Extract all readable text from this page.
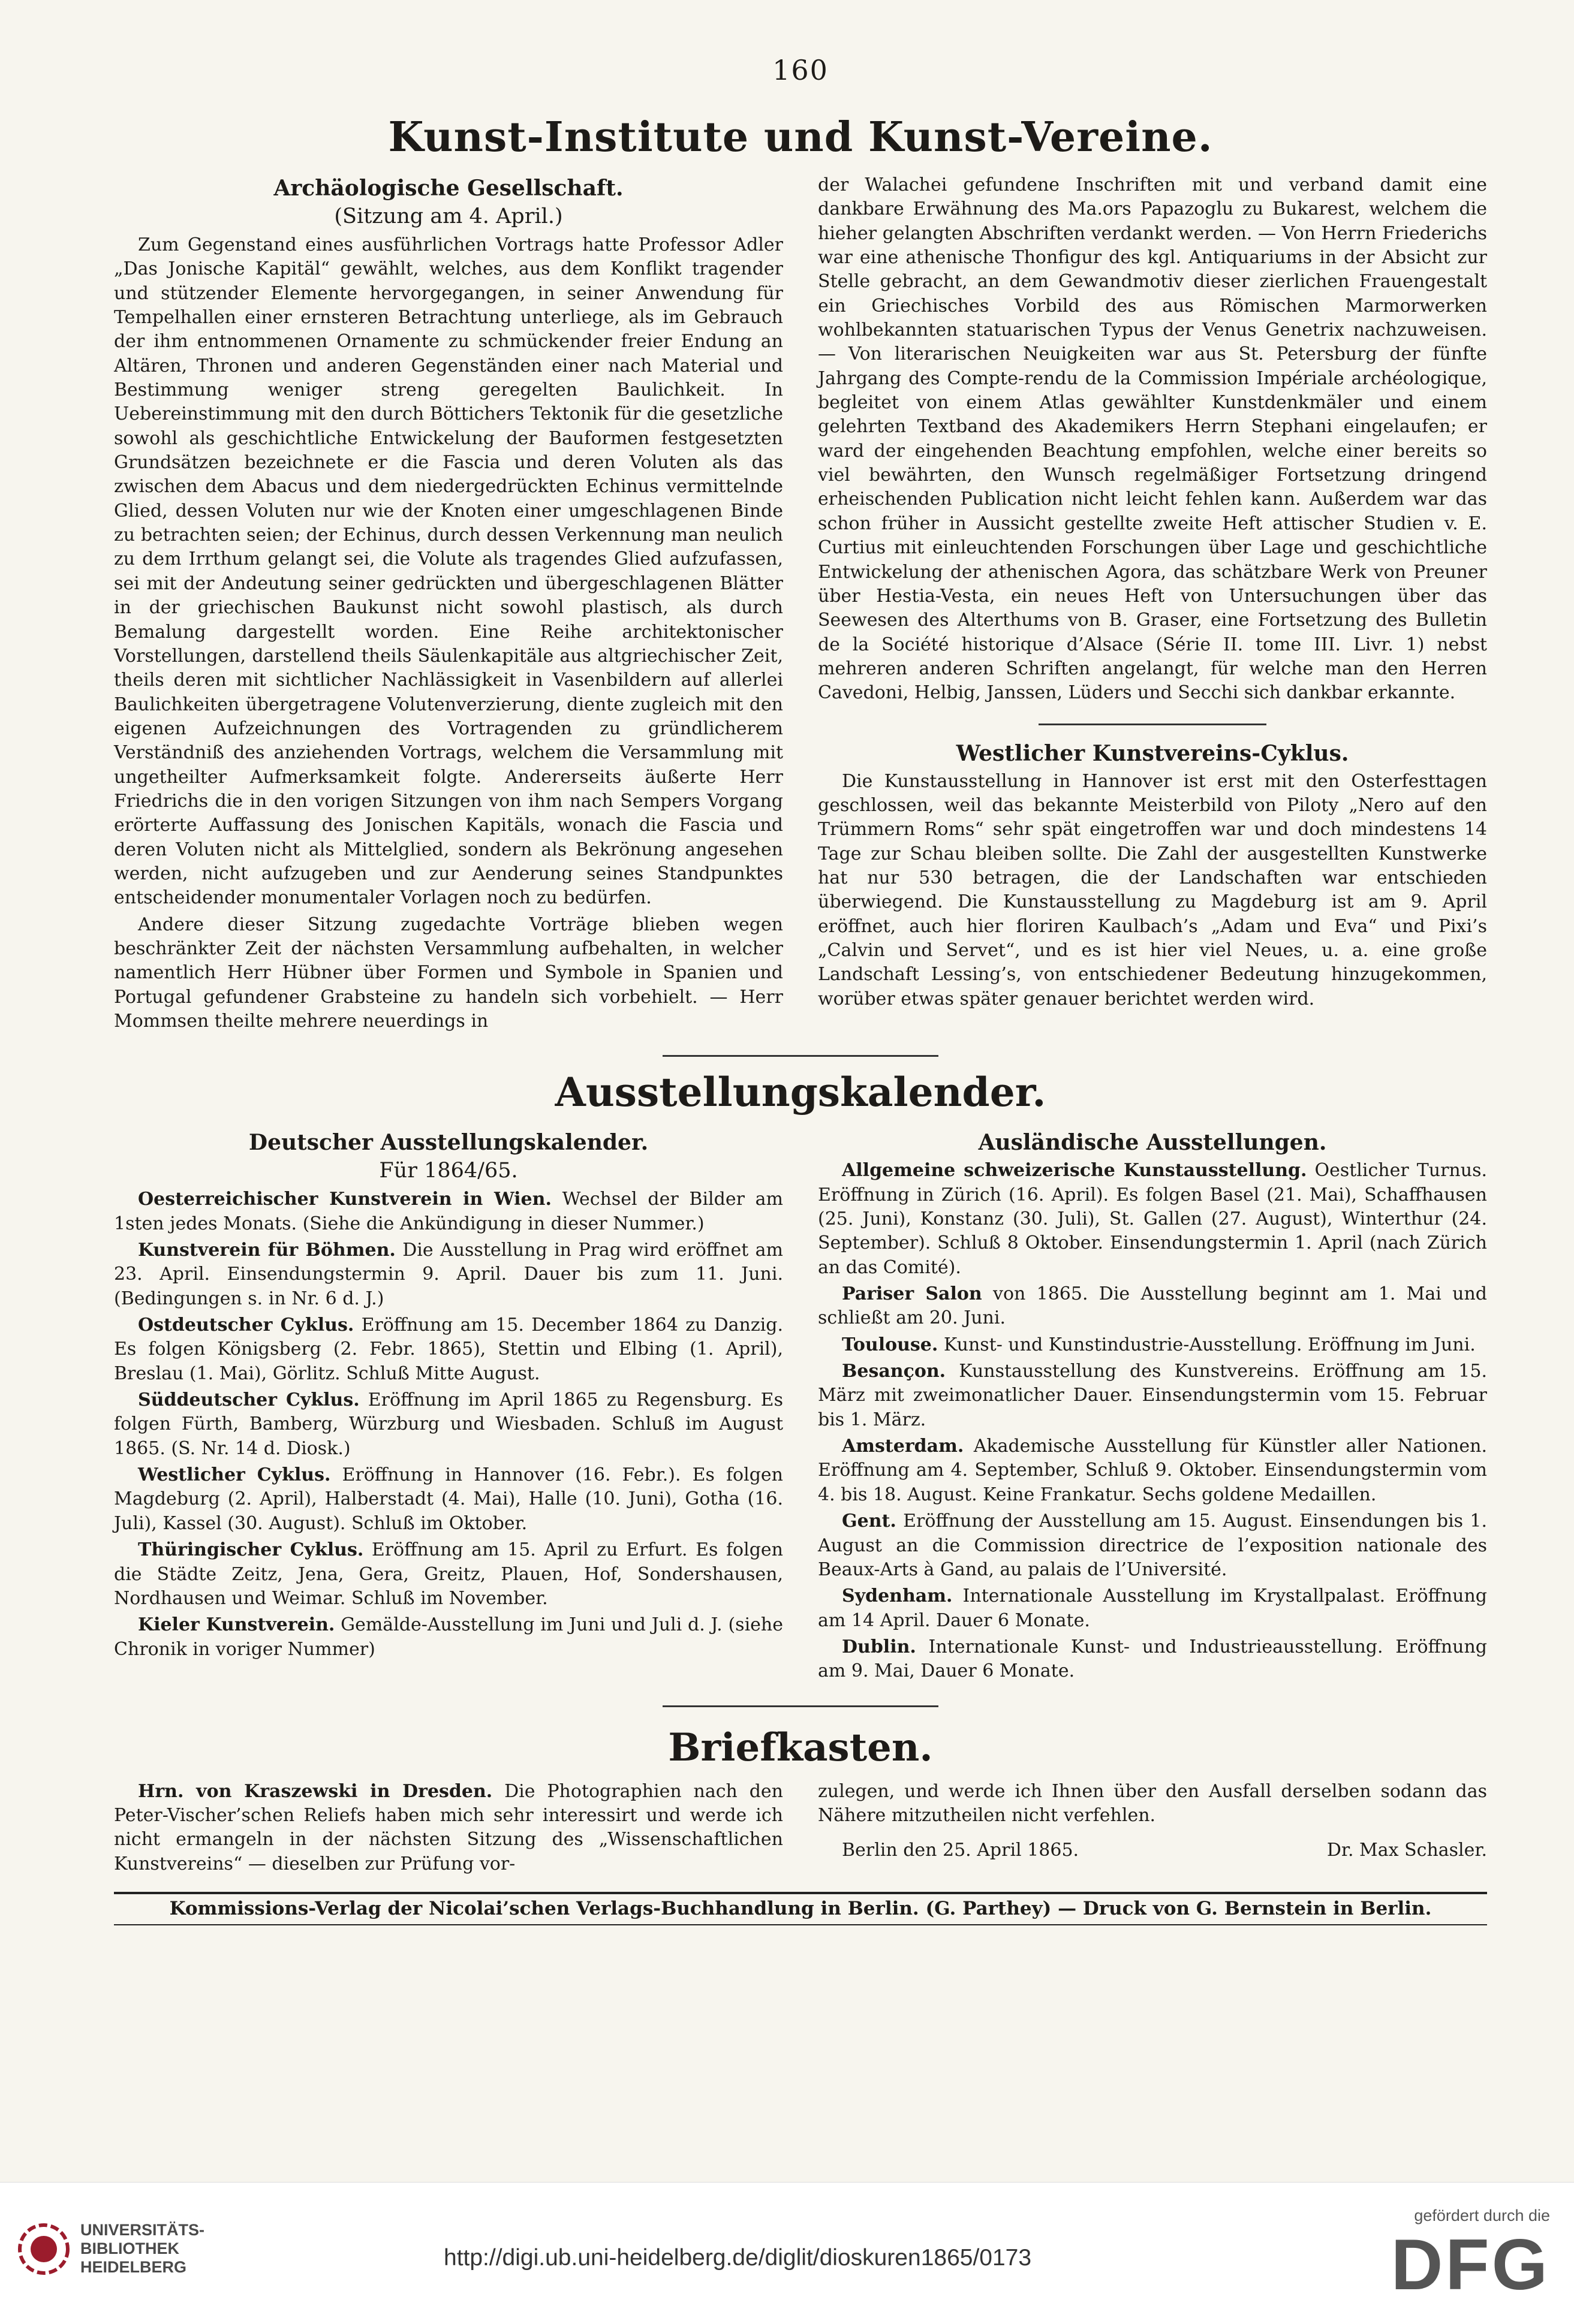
160
Kunst-Institute und Kunst-Vereine.
Archäologische Gesellschaft.
(Sitzung am 4. April.)

Zum Gegenstand eines ausführlichen Vortrags hatte Professor Adler „Das Jonische Kapitäl“ gewählt, welches, aus dem Konflikt tragender und stützender Elemente hervorgegangen, in seiner Anwendung für Tempelhallen einer ernsteren Betrachtung unterliege, als im Gebrauch der ihm entnommenen Ornamente zu schmückender freier Endung an Altären, Thronen und anderen Gegenständen einer nach Material und Bestimmung weniger streng geregelten Baulichkeit. In Uebereinstimmung mit den durch Böttichers Tektonik für die gesetzliche sowohl als geschichtliche Entwickelung der Bauformen festgesetzten Grundsätzen bezeichnete er die Fascia und deren Voluten als das zwischen dem Abacus und dem niedergedrückten Echinus vermittelnde Glied, dessen Voluten nur wie der Knoten einer umgeschlagenen Binde zu betrachten seien; der Echinus, durch dessen Verkennung man neulich zu dem Irrthum gelangt sei, die Volute als tragendes Glied aufzufassen, sei mit der Andeutung seiner gedrückten und übergeschlagenen Blätter in der griechischen Baukunst nicht sowohl plastisch, als durch Bemalung dargestellt worden. Eine Reihe architektonischer Vorstellungen, darstellend theils Säulenkapitäle aus altgriechischer Zeit, theils deren mit sichtlicher Nachlässigkeit in Vasenbildern auf allerlei Baulichkeiten übergetragene Volutenverzierung, diente zugleich mit den eigenen Aufzeichnungen des Vortragenden zu gründlicherem Verständniß des anziehenden Vortrags, welchem die Versammlung mit ungetheilter Aufmerksamkeit folgte. Andererseits äußerte Herr Friedrichs die in den vorigen Sitzungen von ihm nach Sempers Vorgang erörterte Auffassung des Jonischen Kapitäls, wonach die Fascia und deren Voluten nicht als Mittelglied, sondern als Bekrönung angesehen werden, nicht aufzugeben und zur Aenderung seines Standpunktes entscheidender monumentaler Vorlagen noch zu bedürfen.

Andere dieser Sitzung zugedachte Vorträge blieben wegen beschränkter Zeit der nächsten Versammlung aufbehalten, in welcher namentlich Herr Hübner über Formen und Symbole in Spanien und Portugal gefundener Grabsteine zu handeln sich vorbehielt. — Herr Mommsen theilte mehrere neuerdings in

der Walachei gefundene Inschriften mit und verband damit eine dankbare Erwähnung des Ma.ors Papazoglu zu Bukarest, welchem die hieher gelangten Abschriften verdankt werden. — Von Herrn Friederichs war eine athenische Thonfigur des kgl. Antiquariums in der Absicht zur Stelle gebracht, an dem Gewandmotiv dieser zierlichen Frauengestalt ein Griechisches Vorbild des aus Römischen Marmorwerken wohlbekannten statuarischen Typus der Venus Genetrix nachzuweisen. — Von literarischen Neuigkeiten war aus St. Petersburg der fünfte Jahrgang des Compte-rendu de la Commission Impériale archéologique, begleitet von einem Atlas gewählter Kunstdenkmäler und einem gelehrten Textband des Akademikers Herrn Stephani eingelaufen; er ward der eingehenden Beachtung empfohlen, welche einer bereits so viel bewährten, den Wunsch regelmäßiger Fortsetzung dringend erheischenden Publication nicht leicht fehlen kann. Außerdem war das schon früher in Aussicht gestellte zweite Heft attischer Studien v. E. Curtius mit einleuchtenden Forschungen über Lage und geschichtliche Entwickelung der athenischen Agora, das schätzbare Werk von Preuner über Hestia-Vesta, ein neues Heft von Untersuchungen über das Seewesen des Alterthums von B. Graser, eine Fortsetzung des Bulletin de la Société historique d’Alsace (Série II. tome III. Livr. 1) nebst mehreren anderen Schriften angelangt, für welche man den Herren Cavedoni, Helbig, Janssen, Lüders und Secchi sich dankbar erkannte.

Westlicher Kunstvereins-Cyklus.

Die Kunstausstellung in Hannover ist erst mit den Osterfesttagen geschlossen, weil das bekannte Meisterbild von Piloty „Nero auf den Trümmern Roms“ sehr spät eingetroffen war und doch mindestens 14 Tage zur Schau bleiben sollte. Die Zahl der ausgestellten Kunstwerke hat nur 530 betragen, die der Landschaften war entschieden überwiegend. Die Kunstausstellung zu Magdeburg ist am 9. April eröffnet, auch hier floriren Kaulbach’s „Adam und Eva“ und Pixi’s „Calvin und Servet“, und es ist hier viel Neues, u. a. eine große Landschaft Lessing’s, von entschiedener Bedeutung hinzugekommen, worüber etwas später genauer berichtet werden wird.

Ausstellungskalender.
Deutscher Ausstellungskalender.
Für 1864/65.

Oesterreichischer Kunstverein in Wien. Wechsel der Bilder am 1sten jedes Monats. (Siehe die Ankündigung in dieser Nummer.)

Kunstverein für Böhmen. Die Ausstellung in Prag wird eröffnet am 23. April. Einsendungstermin 9. April. Dauer bis zum 11. Juni. (Bedingungen s. in Nr. 6 d. J.)

Ostdeutscher Cyklus. Eröffnung am 15. December 1864 zu Danzig. Es folgen Königsberg (2. Febr. 1865), Stettin und Elbing (1. April), Breslau (1. Mai), Görlitz. Schluß Mitte August.

Süddeutscher Cyklus. Eröffnung im April 1865 zu Regensburg. Es folgen Fürth, Bamberg, Würzburg und Wiesbaden. Schluß im August 1865. (S. Nr. 14 d. Diosk.)

Westlicher Cyklus. Eröffnung in Hannover (16. Febr.). Es folgen Magdeburg (2. April), Halberstadt (4. Mai), Halle (10. Juni), Gotha (16. Juli), Kassel (30. August). Schluß im Oktober.

Thüringischer Cyklus. Eröffnung am 15. April zu Erfurt. Es folgen die Städte Zeitz, Jena, Gera, Greitz, Plauen, Hof, Sondershausen, Nordhausen und Weimar. Schluß im November.

Kieler Kunstverein. Gemälde-Ausstellung im Juni und Juli d. J. (siehe Chronik in voriger Nummer)

Ausländische Ausstellungen.

Allgemeine schweizerische Kunstausstellung. Oestlicher Turnus. Eröffnung in Zürich (16. April). Es folgen Basel (21. Mai), Schaffhausen (25. Juni), Konstanz (30. Juli), St. Gallen (27. August), Winterthur (24. September). Schluß 8 Oktober. Einsendungstermin 1. April (nach Zürich an das Comité).

Pariser Salon von 1865. Die Ausstellung beginnt am 1. Mai und schließt am 20. Juni.

Toulouse. Kunst- und Kunstindustrie-Ausstellung. Eröffnung im Juni.

Besançon. Kunstausstellung des Kunstvereins. Eröffnung am 15. März mit zweimonatlicher Dauer. Einsendungstermin vom 15. Februar bis 1. März.

Amsterdam. Akademische Ausstellung für Künstler aller Nationen. Eröffnung am 4. September, Schluß 9. Oktober. Einsendungstermin vom 4. bis 18. August. Keine Frankatur. Sechs goldene Medaillen.

Gent. Eröffnung der Ausstellung am 15. August. Einsendungen bis 1. August an die Commission directrice de l’exposition nationale des Beaux-Arts à Gand, au palais de l’Université.

Sydenham. Internationale Ausstellung im Krystallpalast. Eröffnung am 14 April. Dauer 6 Monate.

Dublin. Internationale Kunst- und Industrieausstellung. Eröffnung am 9. Mai, Dauer 6 Monate.

Briefkasten.

Hrn. von Kraszewski in Dresden. Die Photographien nach den Peter-Vischer’schen Reliefs haben mich sehr interessirt und werde ich nicht ermangeln in der nächsten Sitzung des „Wissenschaftlichen Kunstvereins“ — dieselben zur Prüfung vor-

zulegen, und werde ich Ihnen über den Ausfall derselben sodann das Nähere mitzutheilen nicht verfehlen.

Berlin den 25. April 1865.	Dr. Max Schasler.
Kommissions-Verlag der Nicolai’schen Verlags-Buchhandlung in Berlin. (G. Parthey) — Druck von G. Bernstein in Berlin.
UNIVERSITÄTS-
BIBLIOTHEK
HEIDELBERG	http://digi.ub.uni-heidelberg.de/diglit/dioskuren1865/0173
gefördert durch die
DFG
